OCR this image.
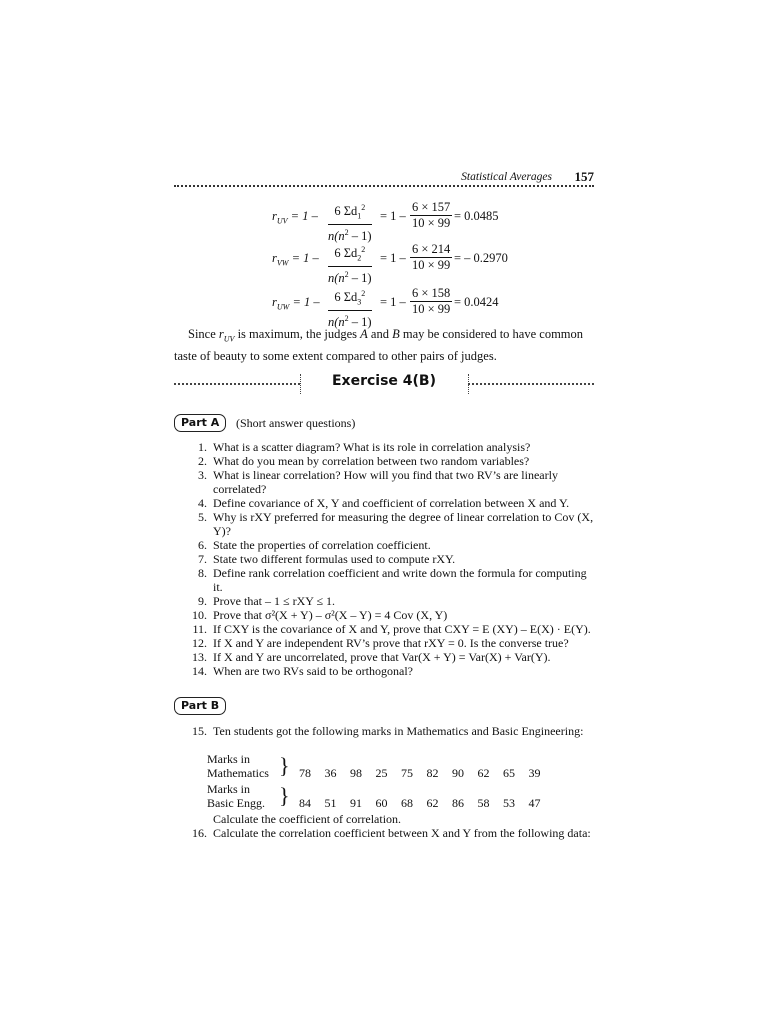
Statistical Averages 157
$r_{UV} = 1 - \frac{6 \Sigma d_1^2}{n(n^2 - 1)} = 1 - \frac{6 \times 157}{10 \times 99} = 0.0485$
$r_{VW} = 1 - \frac{6 \Sigma d_2^2}{n(n^2 - 1)} = 1 - \frac{6 \times 214}{10 \times 99}$ = – 0.2970
$r_{UW} = 1 - \frac{6 \Sigma d_3^2}{n(n^2 - 1)} = 1 - \frac{6 \times 158}{10 \times 99} = 0.0424$
Since $r_{UV}$ is maximum, the judges A and B may be considered to have common taste of beauty to some extent compared to other pairs of judges.
Exercise 4(B)
Part A	(Short answer questions)
1. What is a scatter diagram? What is its role in correlation analysis?
2. What do you mean by correlation between two random variables?
3. What is linear correlation? How will you find that two RV’s are linearly correlated?
4. Define covariance of X, Y and coefficient of correlation between X and Y.
5. Why is rXY preferred for measuring the degree of linear correlation to Cov (X, Y)?
6. State the properties of correlation coefficient.
7. State two different formulas used to compute rXY.
8. Define rank correlation coefficient and write down the formula for computing it.
9. Prove that – 1 ≤ rXY ≤ 1.
10. Prove that σ²(X + Y) – σ²(X – Y) = 4 Cov (X, Y)
11. If CXY is the covariance of X and Y, prove that CXY = E (XY) – E(X) · E(Y).
12. If X and Y are independent RV’s prove that rXY = 0. Is the converse true?
13. If X and Y are uncorrelated, prove that Var(X + Y) = Var(X) + Var(Y).
14. When are two RVs said to be orthogonal?
Part B
15. Ten students got the following marks in Mathematics and Basic Engineering:
Marks in
Mathematics } 78 36 98 25 75 82 90 62 65 39
Marks in
Basic Engg. } 84 51 91 60 68 62 86 58 53 47
Calculate the coefficient of correlation.
16. Calculate the correlation coefficient between X and Y from the following data:
